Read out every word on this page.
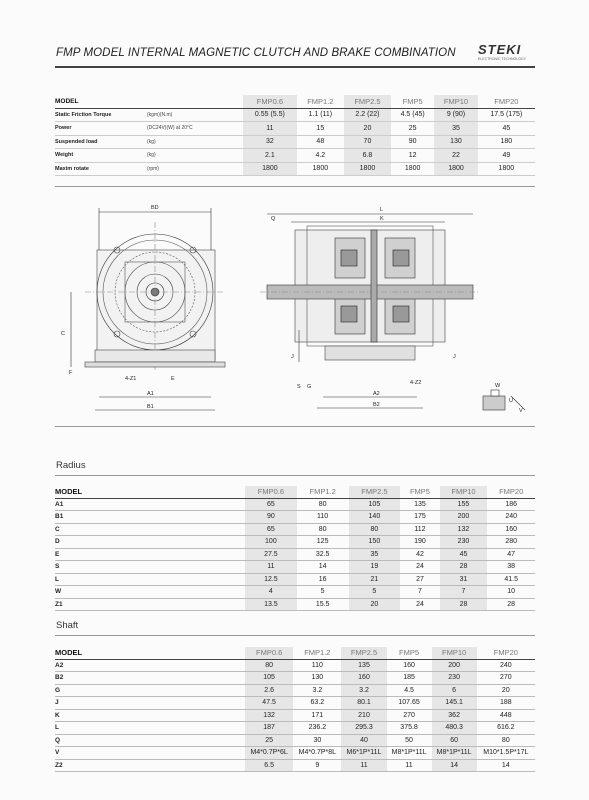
FMP MODEL INTERNAL MAGNETIC CLUTCH AND BRAKE COMBINATION STEKI
ELECTRONIC TECHNOLOGY
MODEL		FMP0.6	FMP1.2	FMP2.5	FMP5	FMP10	FMP20
Static Friction Torque	(kgm)(N.m)	0.55 (5.5)	1.1 (11)	2.2 (22)	4.5 (45)	9 (90)	17.5 (175)
Power	(DC24V)(W) at 20°C	11	15	20	25	35	45
Suspended load	(kg)	32	48	70	90	130	180
Weight	(kg)	2.1	4.2	6.8	12	22	49
Maxim rotate	(rpm)	1800	1800	1800	1800	1800	1800
BD
C
F
4-Z1	E
A1
B1
L
K
Q
J	J
S G
4-Z2
A2
B2
W
U
V
Radius
MODEL	FMP0.6	FMP1.2	FMP2.5	FMP5	FMP10	FMP20
A1	65	80	105	135	155	186
B1	90	110	140	175	200	240
C	65	80	80	112	132	160
D	100	125	150	190	230	280
E	27.5	32.5	35	42	45	47
S	11	14	19	24	28	38
L	12.5	16	21	27	31	41.5
W	4	5	5	7	7	10
Z1	13.5	15.5	20	24	28	28
Shaft
MODEL	FMP0.6	FMP1.2	FMP2.5	FMP5	FMP10	FMP20
A2	80	110	135	160	200	240
B2	105	130	160	185	230	270
G	2.6	3.2	3.2	4.5	6	20
J	47.5	63.2	80.1	107.65	145.1	188
K	132	171	210	270	362	448
L	187	236.2	295.3	375.8	480.3	616.2
Q	25	30	40	50	60	80
V	M4*0.7P*6L	M4*0.7P*8L	M6*1P*11L	M8*1P*11L	M8*1P*11L	M10*1.5P*17L
Z2	6.5	9	11	11	14	14
